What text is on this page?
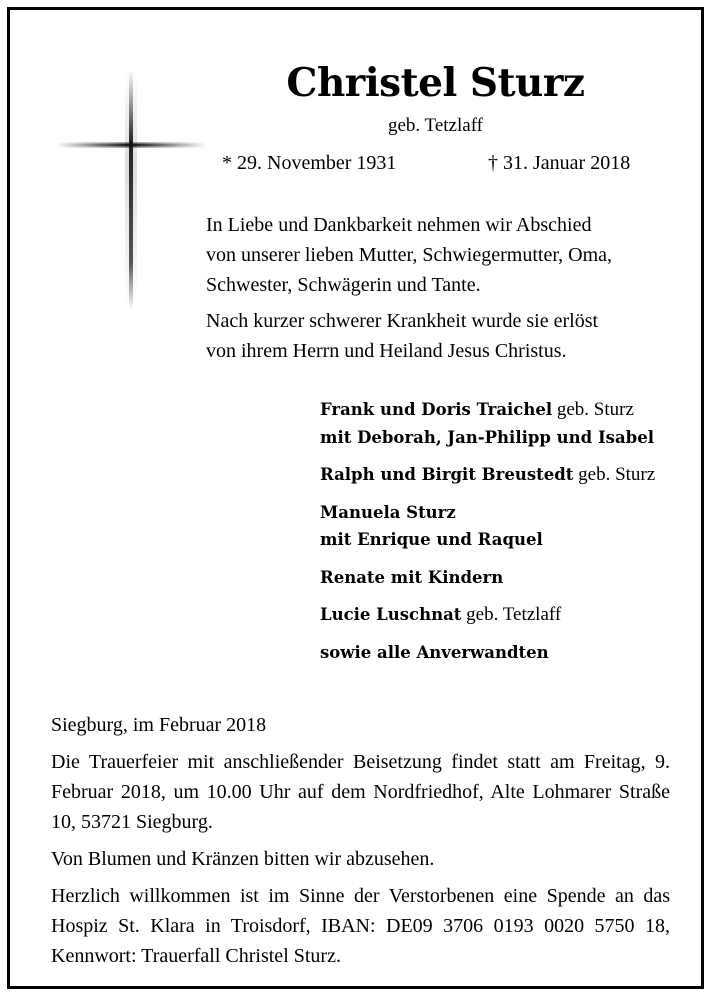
Christel Sturz
geb. Tetzlaff
* 29. November 1931	† 31. Januar 2018

In Liebe und Dankbarkeit nehmen wir Abschied
von unserer lieben Mutter, Schwiegermutter, Oma,
Schwester, Schwägerin und Tante.

Nach kurzer schwerer Krankheit wurde sie erlöst
von ihrem Herrn und Heiland Jesus Christus.

Frank und Doris Traichel geb. Sturz
mit Deborah, Jan-Philipp und Isabel
Ralph und Birgit Breustedt geb. Sturz
Manuela Sturz
mit Enrique und Raquel
Renate mit Kindern
Lucie Luschnat geb. Tetzlaff
sowie alle Anverwandten

Siegburg, im Februar 2018

Die Trauerfeier mit anschließender Beisetzung findet statt am Freitag, 9. Februar 2018, um 10.00 Uhr auf dem Nordfriedhof, Alte Lohmarer Straße 10, 53721 Siegburg.

Von Blumen und Kränzen bitten wir abzusehen.

Herzlich willkommen ist im Sinne der Verstorbenen eine Spende an das Hospiz St. Klara in Troisdorf, IBAN: DE09 3706 0193 0020 5750 18, Kennwort: Trauerfall Christel Sturz.
